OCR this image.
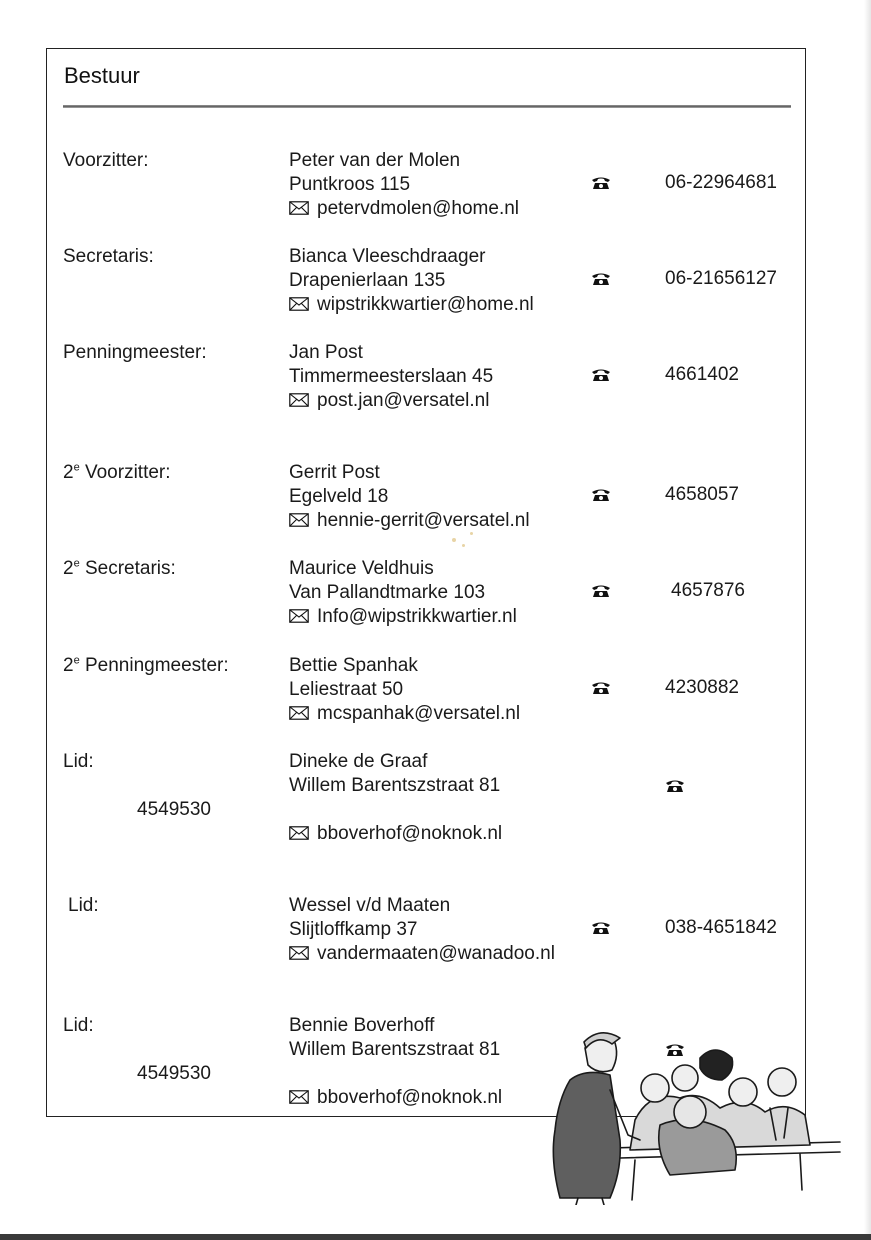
Bestuur
Voorzitter:	Peter van der Molen
Puntkroos 115
petervdmolen@home.nl
06-22964681
Secretaris:	Bianca Vleeschdraager
Drapenierlaan 135
wipstrikkwartier@home.nl
06-21656127
Penningmeester:	Jan Post
Timmermeesterslaan 45
post.jan@versatel.nl
4661402
2e Voorzitter:	Gerrit Post
Egelveld 18
hennie-gerrit@versatel.nl
4658057
2e Secretaris:	Maurice Veldhuis
Van Pallandtmarke 103
Info@wipstrikkwartier.nl
4657876
2e Penningmeester:	Bettie Spanhak
Leliestraat 50
mcspanhak@versatel.nl
4230882
Lid:	Dineke de Graaf
Willem Barentszstraat 81
bboverhof@noknok.nl
4549530
Lid:	Wessel v/d Maaten
Slijtloffkamp 37
vandermaaten@wanadoo.nl
038-4651842
Lid:	Bennie Boverhoff
Willem Barentszstraat 81
bboverhof@noknok.nl
4549530
